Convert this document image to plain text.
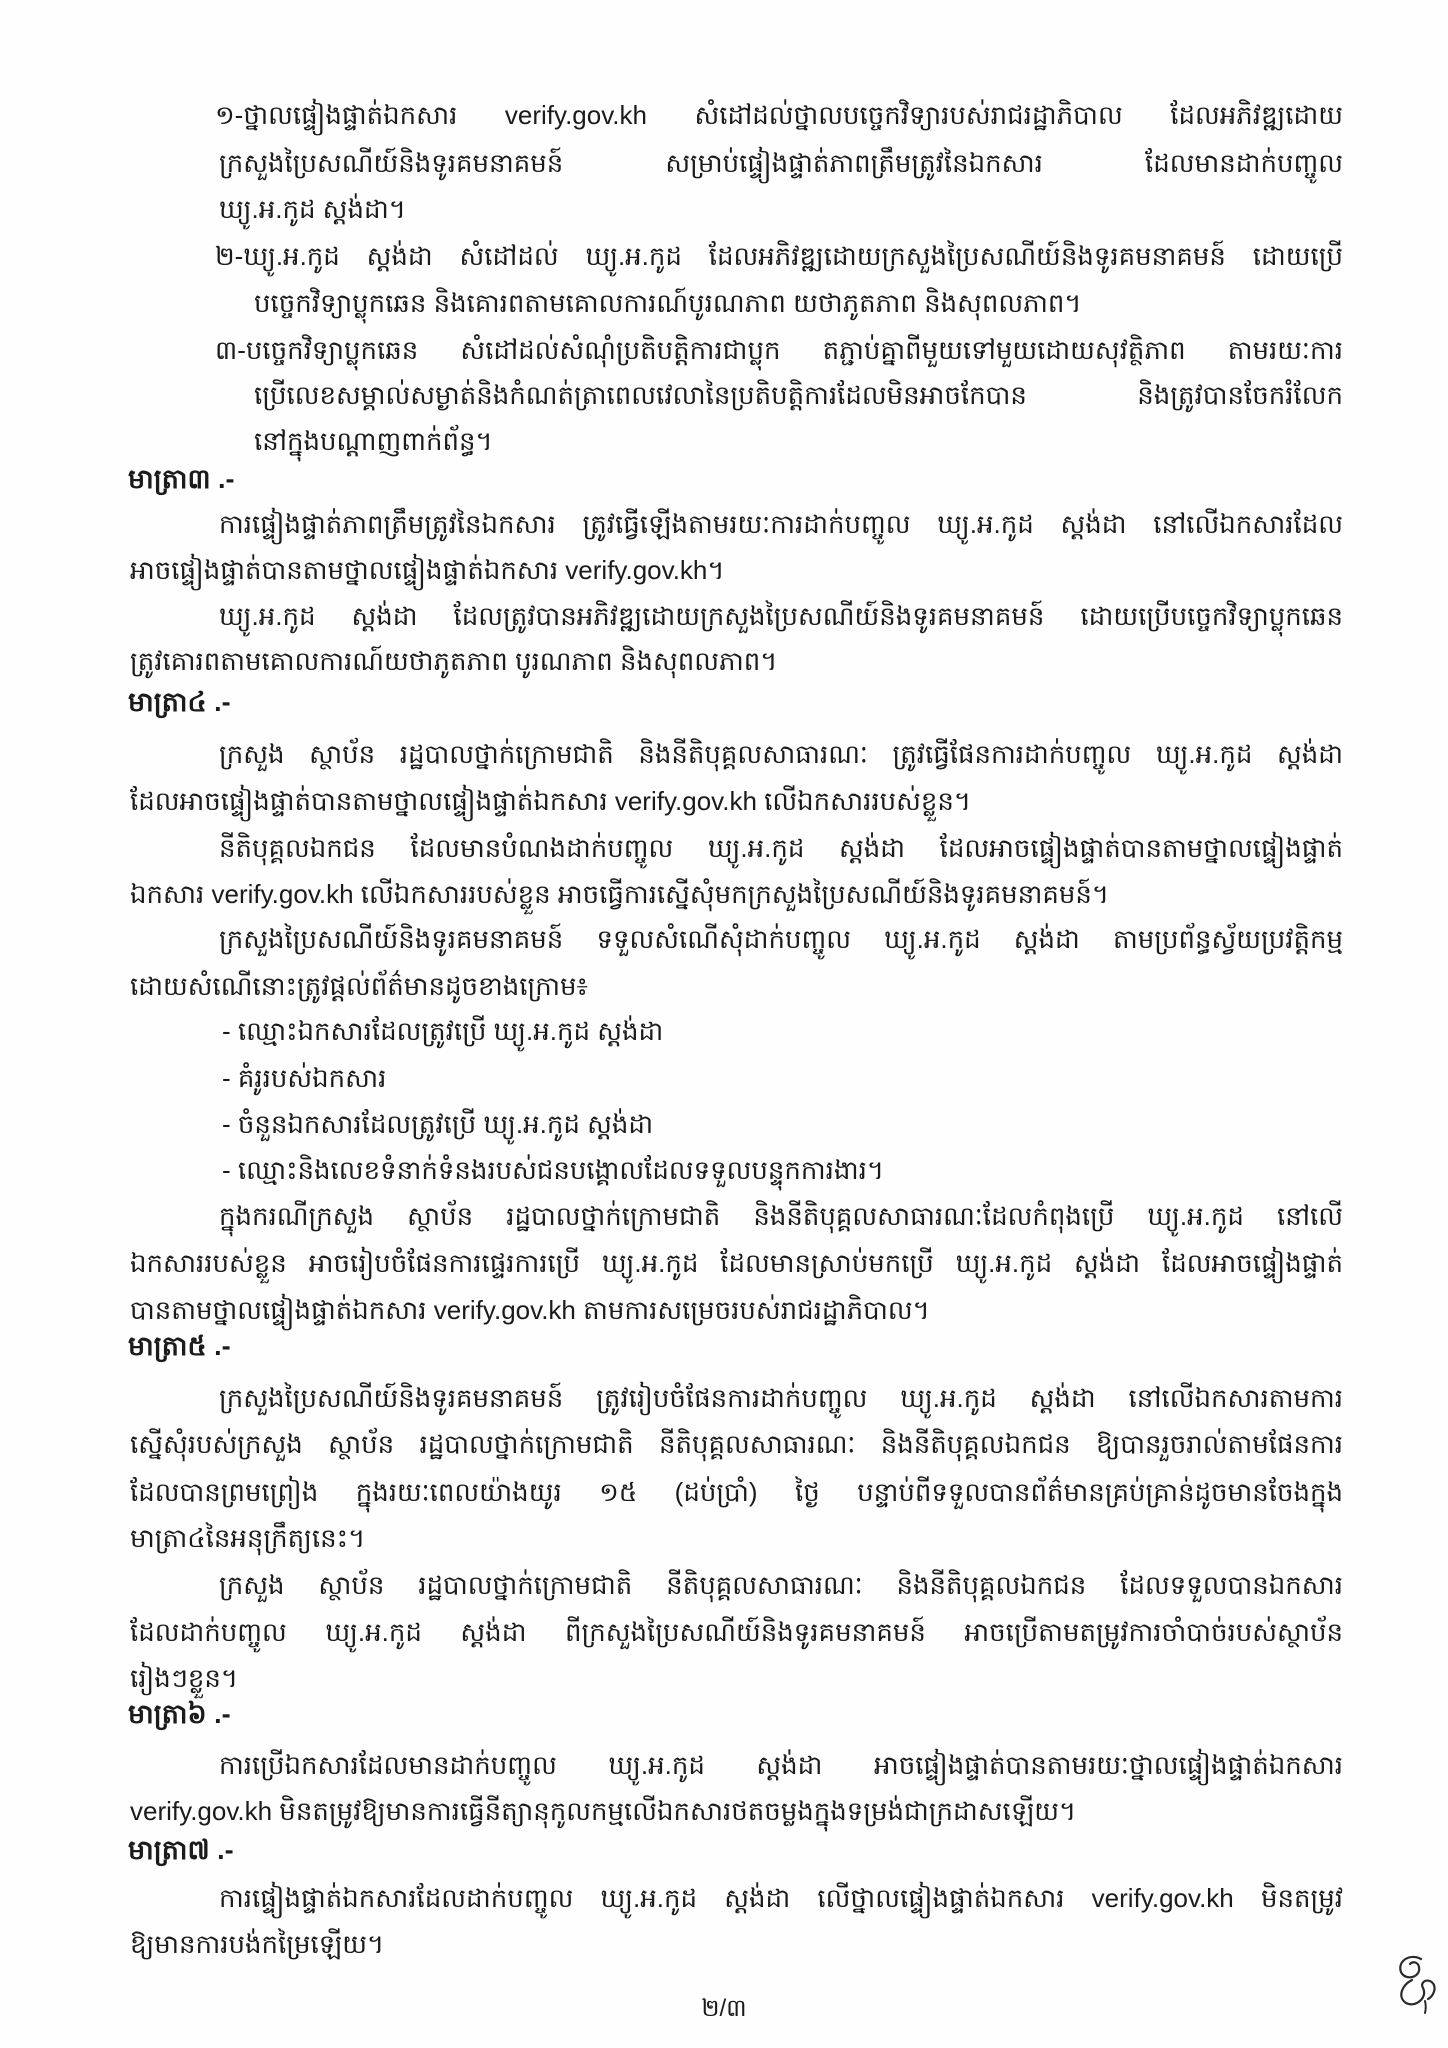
១-ថ្នាលផ្ទៀងផ្ទាត់ឯកសារ verify.gov.kh សំដៅដល់ថ្នាលបច្ចេកវិទ្យារបស់រាជរដ្ឋាភិបាល ដែលអភិវឌ្ឍដោយ
ក្រសួងប្រៃសណីយ៍និងទូរគមនាគមន៍ សម្រាប់ផ្ទៀងផ្ទាត់ភាពត្រឹមត្រូវនៃឯកសារ ដែលមានដាក់បញ្ចូល
ឃ្យូ.អ.កូដ ស្តង់ដា។
២-ឃ្យូ.អ.កូដ ស្តង់ដា សំដៅដល់ ឃ្យូ.អ.កូដ ដែលអភិវឌ្ឍដោយក្រសួងប្រៃសណីយ៍និងទូរគមនាគមន៍ ដោយប្រើ
បច្ចេកវិទ្យាប្លុកឆេន និងគោរពតាមគោលការណ៍បូរណភាព យថាភូតភាព និងសុពលភាព។
៣-បច្ចេកវិទ្យាប្លុកឆេន សំដៅដល់សំណុំប្រតិបត្តិការជាប្លុក តភ្ជាប់គ្នាពីមួយទៅមួយដោយសុវត្ថិភាព តាមរយៈការ
ប្រើលេខសម្គាល់សម្ងាត់និងកំណត់ត្រាពេលវេលានៃប្រតិបត្តិការដែលមិនអាចកែបាន និងត្រូវបានចែករំលែក
នៅក្នុងបណ្តាញពាក់ព័ន្ធ។
មាត្រា៣ .-
ការផ្ទៀងផ្ទាត់ភាពត្រឹមត្រូវនៃឯកសារ ត្រូវធ្វើឡើងតាមរយៈការដាក់បញ្ចូល ឃ្យូ.អ.កូដ ស្តង់ដា នៅលើឯកសារដែល
អាចផ្ទៀងផ្ទាត់បានតាមថ្នាលផ្ទៀងផ្ទាត់ឯកសារ verify.gov.kh។
ឃ្យូ.អ.កូដ ស្តង់ដា ដែលត្រូវបានអភិវឌ្ឍដោយក្រសួងប្រៃសណីយ៍និងទូរគមនាគមន៍ ដោយប្រើបច្ចេកវិទ្យាប្លុកឆេន
ត្រូវគោរពតាមគោលការណ៍យថាភូតភាព បូរណភាព និងសុពលភាព។
មាត្រា៤ .-
ក្រសួង ស្ថាប័ន រដ្ឋបាលថ្នាក់ក្រោមជាតិ និងនីតិបុគ្គលសាធារណៈ ត្រូវធ្វើផែនការដាក់បញ្ចូល ឃ្យូ.អ.កូដ ស្តង់ដា
ដែលអាចផ្ទៀងផ្ទាត់បានតាមថ្នាលផ្ទៀងផ្ទាត់ឯកសារ verify.gov.kh លើឯកសាររបស់ខ្លួន។
នីតិបុគ្គលឯកជន ដែលមានបំណងដាក់បញ្ចូល ឃ្យូ.អ.កូដ ស្តង់ដា ដែលអាចផ្ទៀងផ្ទាត់បានតាមថ្នាលផ្ទៀងផ្ទាត់
ឯកសារ verify.gov.kh លើឯកសាររបស់ខ្លួន អាចធ្វើការស្នើសុំមកក្រសួងប្រៃសណីយ៍និងទូរគមនាគមន៍។
ក្រសួងប្រៃសណីយ៍និងទូរគមនាគមន៍ ទទួលសំណើសុំដាក់បញ្ចូល ឃ្យូ.អ.កូដ ស្តង់ដា តាមប្រព័ន្ធស្វ័យប្រវត្តិកម្ម
ដោយសំណើនោះត្រូវផ្តល់ព័ត៌មានដូចខាងក្រោម៖
- ឈ្មោះឯកសារដែលត្រូវប្រើ ឃ្យូ.អ.កូដ ស្តង់ដា
- គំរូរបស់ឯកសារ
- ចំនួនឯកសារដែលត្រូវប្រើ ឃ្យូ.អ.កូដ ស្តង់ដា
- ឈ្មោះនិងលេខទំនាក់ទំនងរបស់ជនបង្គោលដែលទទួលបន្ទុកការងារ។
ក្នុងករណីក្រសួង ស្ថាប័ន រដ្ឋបាលថ្នាក់ក្រោមជាតិ និងនីតិបុគ្គលសាធារណៈដែលកំពុងប្រើ ឃ្យូ.អ.កូដ នៅលើ
ឯកសាររបស់ខ្លួន អាចរៀបចំផែនការផ្ទេរការប្រើ ឃ្យូ.អ.កូដ ដែលមានស្រាប់មកប្រើ ឃ្យូ.អ.កូដ ស្តង់ដា ដែលអាចផ្ទៀងផ្ទាត់
បានតាមថ្នាលផ្ទៀងផ្ទាត់ឯកសារ verify.gov.kh តាមការសម្រេចរបស់រាជរដ្ឋាភិបាល។
មាត្រា៥ .-
ក្រសួងប្រៃសណីយ៍និងទូរគមនាគមន៍ ត្រូវរៀបចំផែនការដាក់បញ្ចូល ឃ្យូ.អ.កូដ ស្តង់ដា នៅលើឯកសារតាមការ
ស្នើសុំរបស់ក្រសួង ស្ថាប័ន រដ្ឋបាលថ្នាក់ក្រោមជាតិ នីតិបុគ្គលសាធារណៈ និងនីតិបុគ្គលឯកជន ឱ្យបានរួចរាល់តាមផែនការ
ដែលបានព្រមព្រៀង ក្នុងរយៈពេលយ៉ាងយូរ ១៥ (ដប់ប្រាំ) ថ្ងៃ បន្ទាប់ពីទទួលបានព័ត៌មានគ្រប់គ្រាន់ដូចមានចែងក្នុង
មាត្រា៤នៃអនុក្រឹត្យនេះ។
ក្រសួង ស្ថាប័ន រដ្ឋបាលថ្នាក់ក្រោមជាតិ នីតិបុគ្គលសាធារណៈ និងនីតិបុគ្គលឯកជន ដែលទទួលបានឯកសារ
ដែលដាក់បញ្ចូល ឃ្យូ.អ.កូដ ស្តង់ដា ពីក្រសួងប្រៃសណីយ៍និងទូរគមនាគមន៍ អាចប្រើតាមតម្រូវការចាំបាច់របស់ស្ថាប័ន
រៀងៗខ្លួន។
មាត្រា៦ .-
ការប្រើឯកសារដែលមានដាក់បញ្ចូល ឃ្យូ.អ.កូដ ស្តង់ដា អាចផ្ទៀងផ្ទាត់បានតាមរយៈថ្នាលផ្ទៀងផ្ទាត់ឯកសារ
verify.gov.kh មិនតម្រូវឱ្យមានការធ្វើនីត្យានុកូលកម្មលើឯកសារថតចម្លងក្នុងទម្រង់ជាក្រដាសឡើយ។
មាត្រា៧ .-
ការផ្ទៀងផ្ទាត់ឯកសារដែលដាក់បញ្ចូល ឃ្យូ.អ.កូដ ស្តង់ដា លើថ្នាលផ្ទៀងផ្ទាត់ឯកសារ verify.gov.kh មិនតម្រូវ
ឱ្យមានការបង់កម្រៃឡើយ។
២/៣
